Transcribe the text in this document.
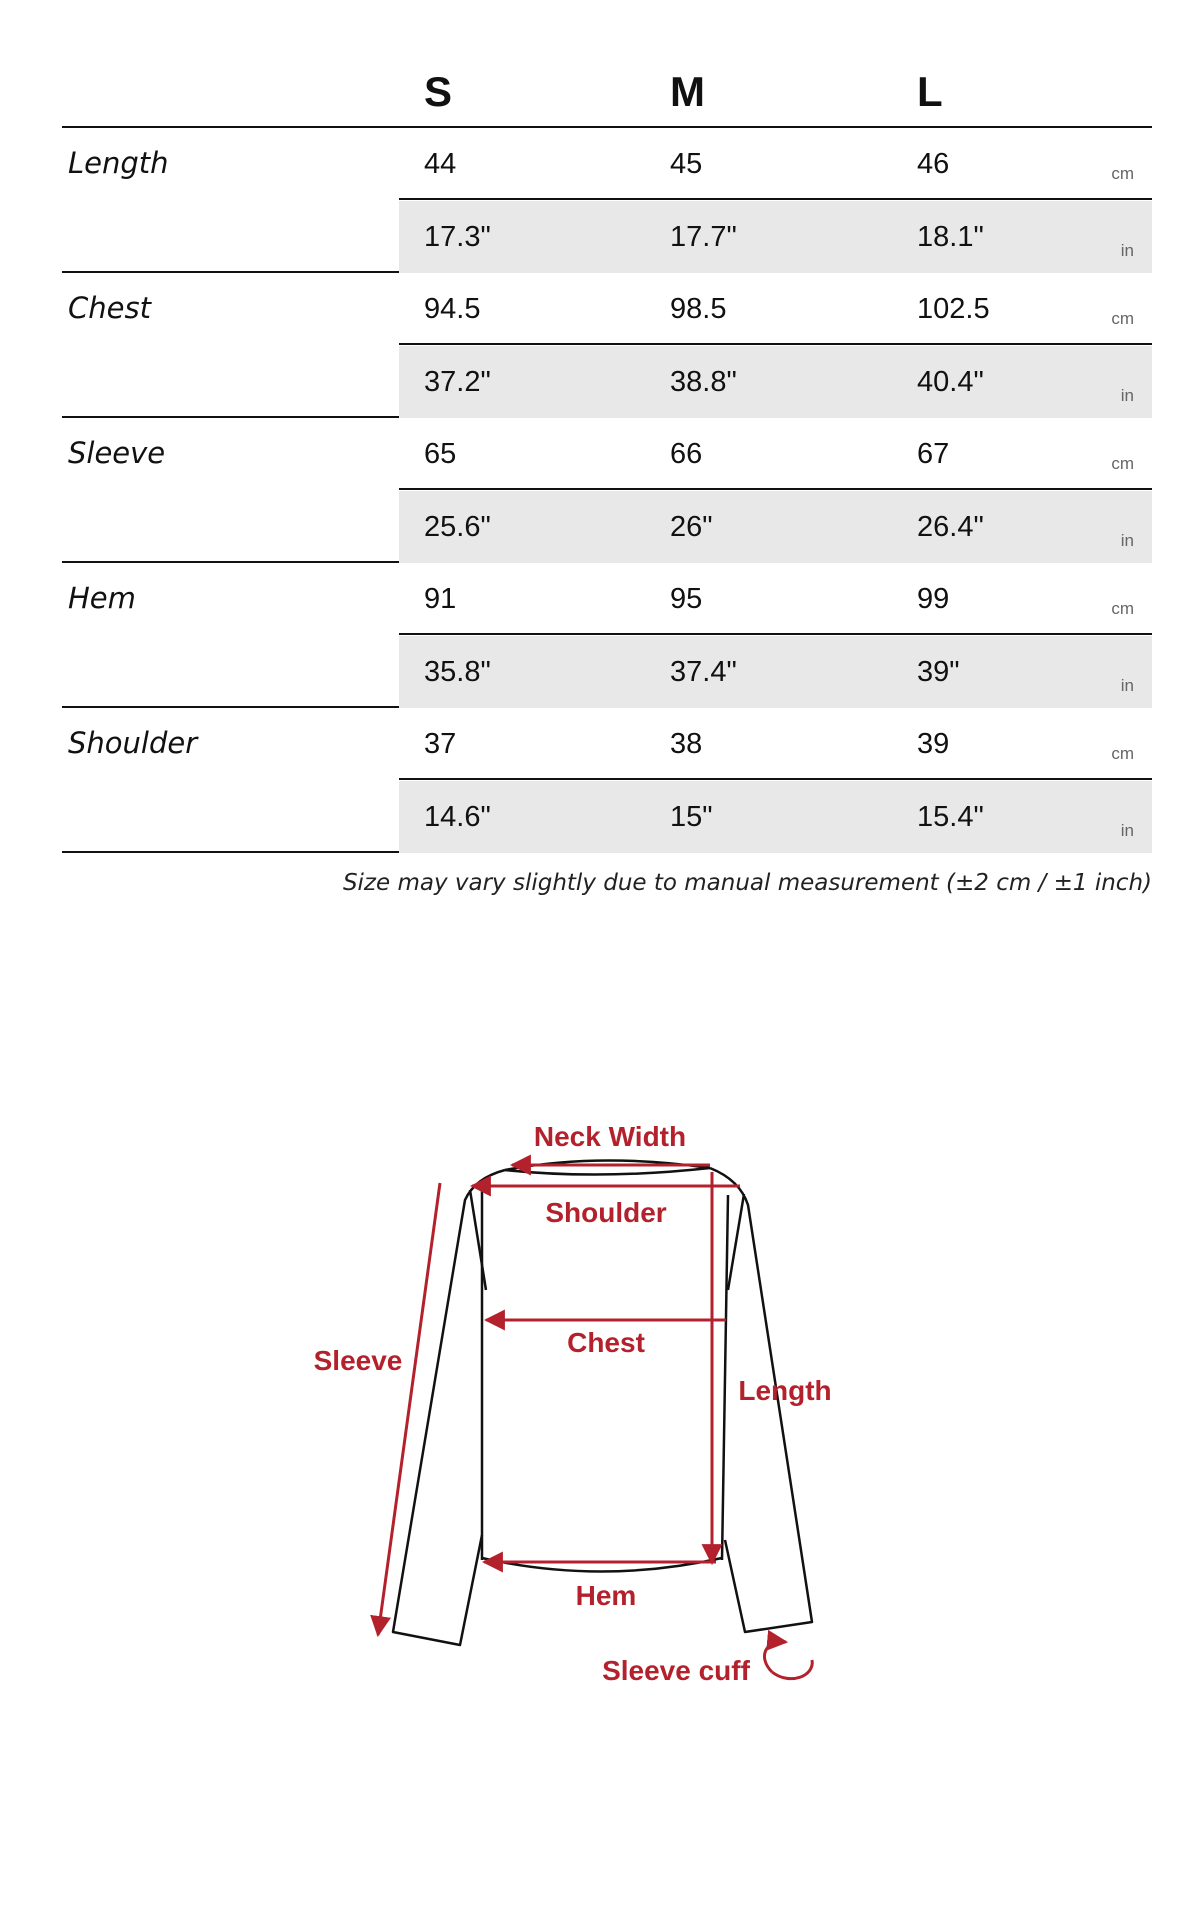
S	M	L
Length	44	45	46	cm
17.3"	17.7"	18.1"	in
Chest	94.5	98.5	102.5	cm
37.2"	38.8"	40.4"	in
Sleeve	65	66	67	cm
25.6"	26"	26.4"	in
Hem	91	95	99	cm
35.8"	37.4"	39"	in
Shoulder	37	38	39	cm
14.6"	15"	15.4"	in
Size may vary slightly due to manual measurement (±2 cm / ±1 inch)
Neck Width
Shoulder
Chest
Sleeve
Length
Hem
Sleeve cuff
